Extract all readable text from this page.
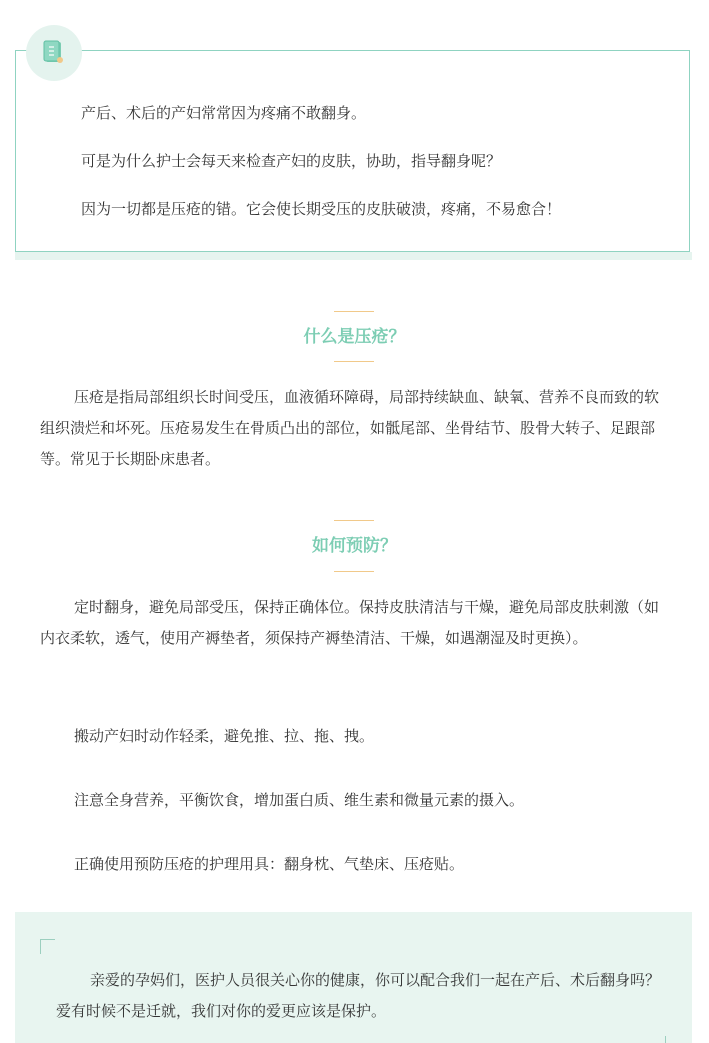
产后、术后的产妇常常因为疼痛不敢翻身。
可是为什么护士会每天来检查产妇的皮肤，协助，指导翻身呢？
因为一切都是压疮的错。它会使长期受压的皮肤破溃，疼痛，不易愈合！
什么是压疮？
压疮是指局部组织长时间受压，血液循环障碍，局部持续缺血、缺氧、营养不良而致的软组织溃烂和坏死。压疮易发生在骨质凸出的部位，如骶尾部、坐骨结节、股骨大转子、足跟部等。常见于长期卧床患者。
如何预防？
定时翻身，避免局部受压，保持正确体位。保持皮肤清洁与干燥，避免局部皮肤刺激（如内衣柔软，透气，使用产褥垫者，须保持产褥垫清洁、干燥，如遇潮湿及时更换）。
搬动产妇时动作轻柔，避免推、拉、拖、拽。
注意全身营养，平衡饮食，增加蛋白质、维生素和微量元素的摄入。
正确使用预防压疮的护理用具：翻身枕、气垫床、压疮贴。
亲爱的孕妈们，医护人员很关心你的健康，你可以配合我们一起在产后、术后翻身吗？爱有时候不是迁就，我们对你的爱更应该是保护。
